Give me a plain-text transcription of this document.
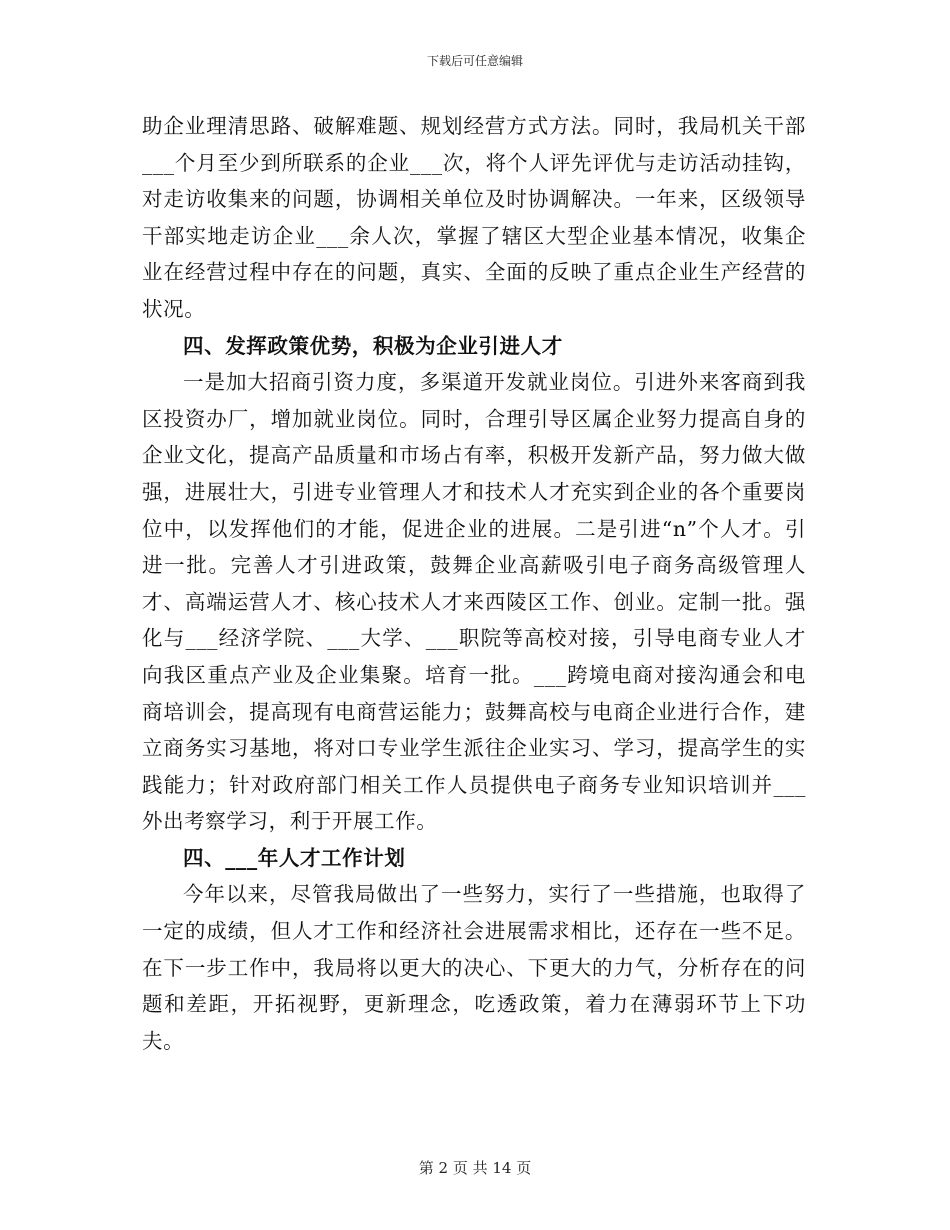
下载后可任意编辑

助企业理清思路、破解难题、规划经营方式方法。同时，我局机关干部___个月至少到所联系的企业___次，将个人评先评优与走访活动挂钩，对走访收集来的问题，协调相关单位及时协调解决。一年来，区级领导干部实地走访企业___余人次，掌握了辖区大型企业基本情况，收集企业在经营过程中存在的问题，真实、全面的反映了重点企业生产经营的状况。

四、发挥政策优势，积极为企业引进人才

一是加大招商引资力度，多渠道开发就业岗位。引进外来客商到我区投资办厂，增加就业岗位。同时，合理引导区属企业努力提高自身的企业文化，提高产品质量和市场占有率，积极开发新产品，努力做大做强，进展壮大，引进专业管理人才和技术人才充实到企业的各个重要岗位中，以发挥他们的才能，促进企业的进展。二是引进“n”个人才。引进一批。完善人才引进政策，鼓舞企业高薪吸引电子商务高级管理人才、高端运营人才、核心技术人才来西陵区工作、创业。定制一批。强化与___经济学院、___大学、___职院等高校对接，引导电商专业人才向我区重点产业及企业集聚。培育一批。___跨境电商对接沟通会和电商培训会，提高现有电商营运能力；鼓舞高校与电商企业进行合作，建立商务实习基地，将对口专业学生派往企业实习、学习，提高学生的实践能力；针对政府部门相关工作人员提供电子商务专业知识培训并___外出考察学习，利于开展工作。

四、___年人才工作计划

今年以来，尽管我局做出了一些努力，实行了一些措施，也取得了一定的成绩，但人才工作和经济社会进展需求相比，还存在一些不足。在下一步工作中，我局将以更大的决心、下更大的力气，分析存在的问题和差距，开拓视野，更新理念，吃透政策，着力在薄弱环节上下功夫。

第 2 页 共 14 页
